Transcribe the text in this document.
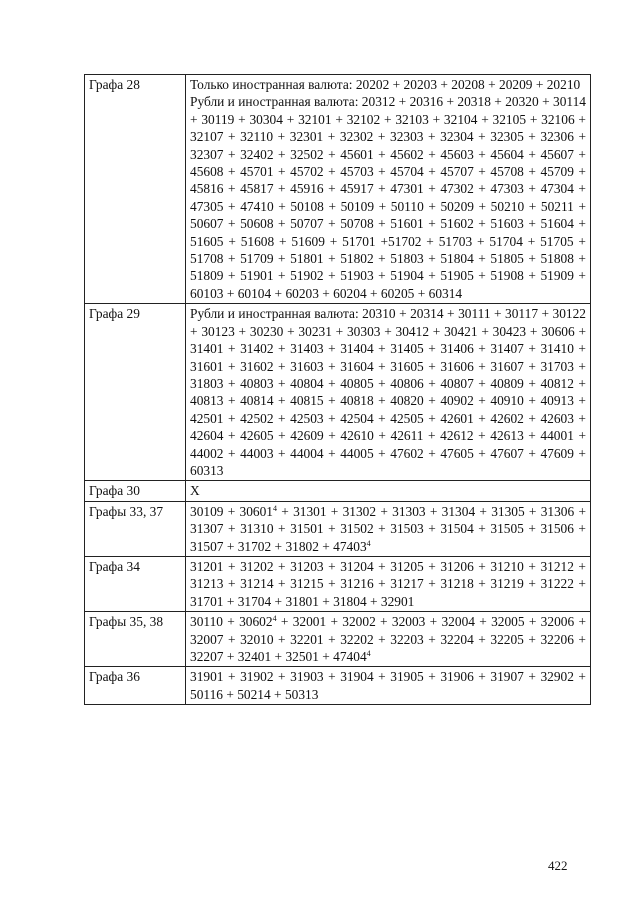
Графа 28	Только иностранная валюта: 20202 + 20203 + 20208 + 20209 + 20210
Рубли и иностранная валюта: 20312 + 20316 + 20318 + 20320 + 30114 + 30119 + 30304 + 32101 + 32102 + 32103 + 32104 + 32105 + 32106 + 32107 + 32110 + 32301 + 32302 + 32303 + 32304 + 32305 + 32306 + 32307 + 32402 + 32502 + 45601 + 45602 + 45603 + 45604 + 45607 + 45608 + 45701 + 45702 + 45703 + 45704 + 45707 + 45708 + 45709 + 45816 + 45817 + 45916 + 45917 + 47301 + 47302 + 47303 + 47304 + 47305 + 47410 + 50108 + 50109 + 50110 + 50209 + 50210 + 50211 + 50607 + 50608 + 50707 + 50708 + 51601 + 51602 + 51603 + 51604 + 51605 + 51608 + 51609 + 51701 +51702 + 51703 + 51704 + 51705 + 51708 + 51709 + 51801 + 51802 + 51803 + 51804 + 51805 + 51808 + 51809 + 51901 + 51902 + 51903 + 51904 + 51905 + 51908 + 51909 + 60103 + 60104 + 60203 + 60204 + 60205 + 60314

Графа 29	Рубли и иностранная валюта: 20310 + 20314 + 30111 + 30117 + 30122 + 30123 + 30230 + 30231 + 30303 + 30412 + 30421 + 30423 + 30606 + 31401 + 31402 + 31403 + 31404 + 31405 + 31406 + 31407 + 31410 + 31601 + 31602 + 31603 + 31604 + 31605 + 31606 + 31607 + 31703 + 31803 + 40803 + 40804 + 40805 + 40806 + 40807 + 40809 + 40812 + 40813 + 40814 + 40815 + 40818 + 40820 + 40902 + 40910 + 40913 + 42501 + 42502 + 42503 + 42504 + 42505 + 42601 + 42602 + 42603 + 42604 + 42605 + 42609 + 42610 + 42611 + 42612 + 42613 + 44001 + 44002 + 44003 + 44004 + 44005 + 47602 + 47605 + 47607 + 47609 + 60313

Графа 30	X

Графы 33, 37	$30109 + 30601^4 + 31301 + 31302 + 31303 + 31304 + 31305 + 31306 + 31307 + 31310 + 31501 + 31502 + 31503 + 31504 + 31505 + 31506 + 31507 + 31702 + 31802 + 47403^4$

Графа 34	31201 + 31202 + 31203 + 31204 + 31205 + 31206 + 31210 + 31212 + 31213 + 31214 + 31215 + 31216 + 31217 + 31218 + 31219 + 31222 + 31701 + 31704 + 31801 + 31804 + 32901

Графы 35, 38	$30110 + 30602^4 + 32001 + 32002 + 32003 + 32004 + 32005 + 32006 + 32007 + 32010 + 32201 + 32202 + 32203 + 32204 + 32205 + 32206 + 32207 + 32401 + 32501 + 47404^4$

Графа 36	31901 + 31902 + 31903 + 31904 + 31905 + 31906 + 31907 + 32902 + 50116 + 50214 + 50313
422
